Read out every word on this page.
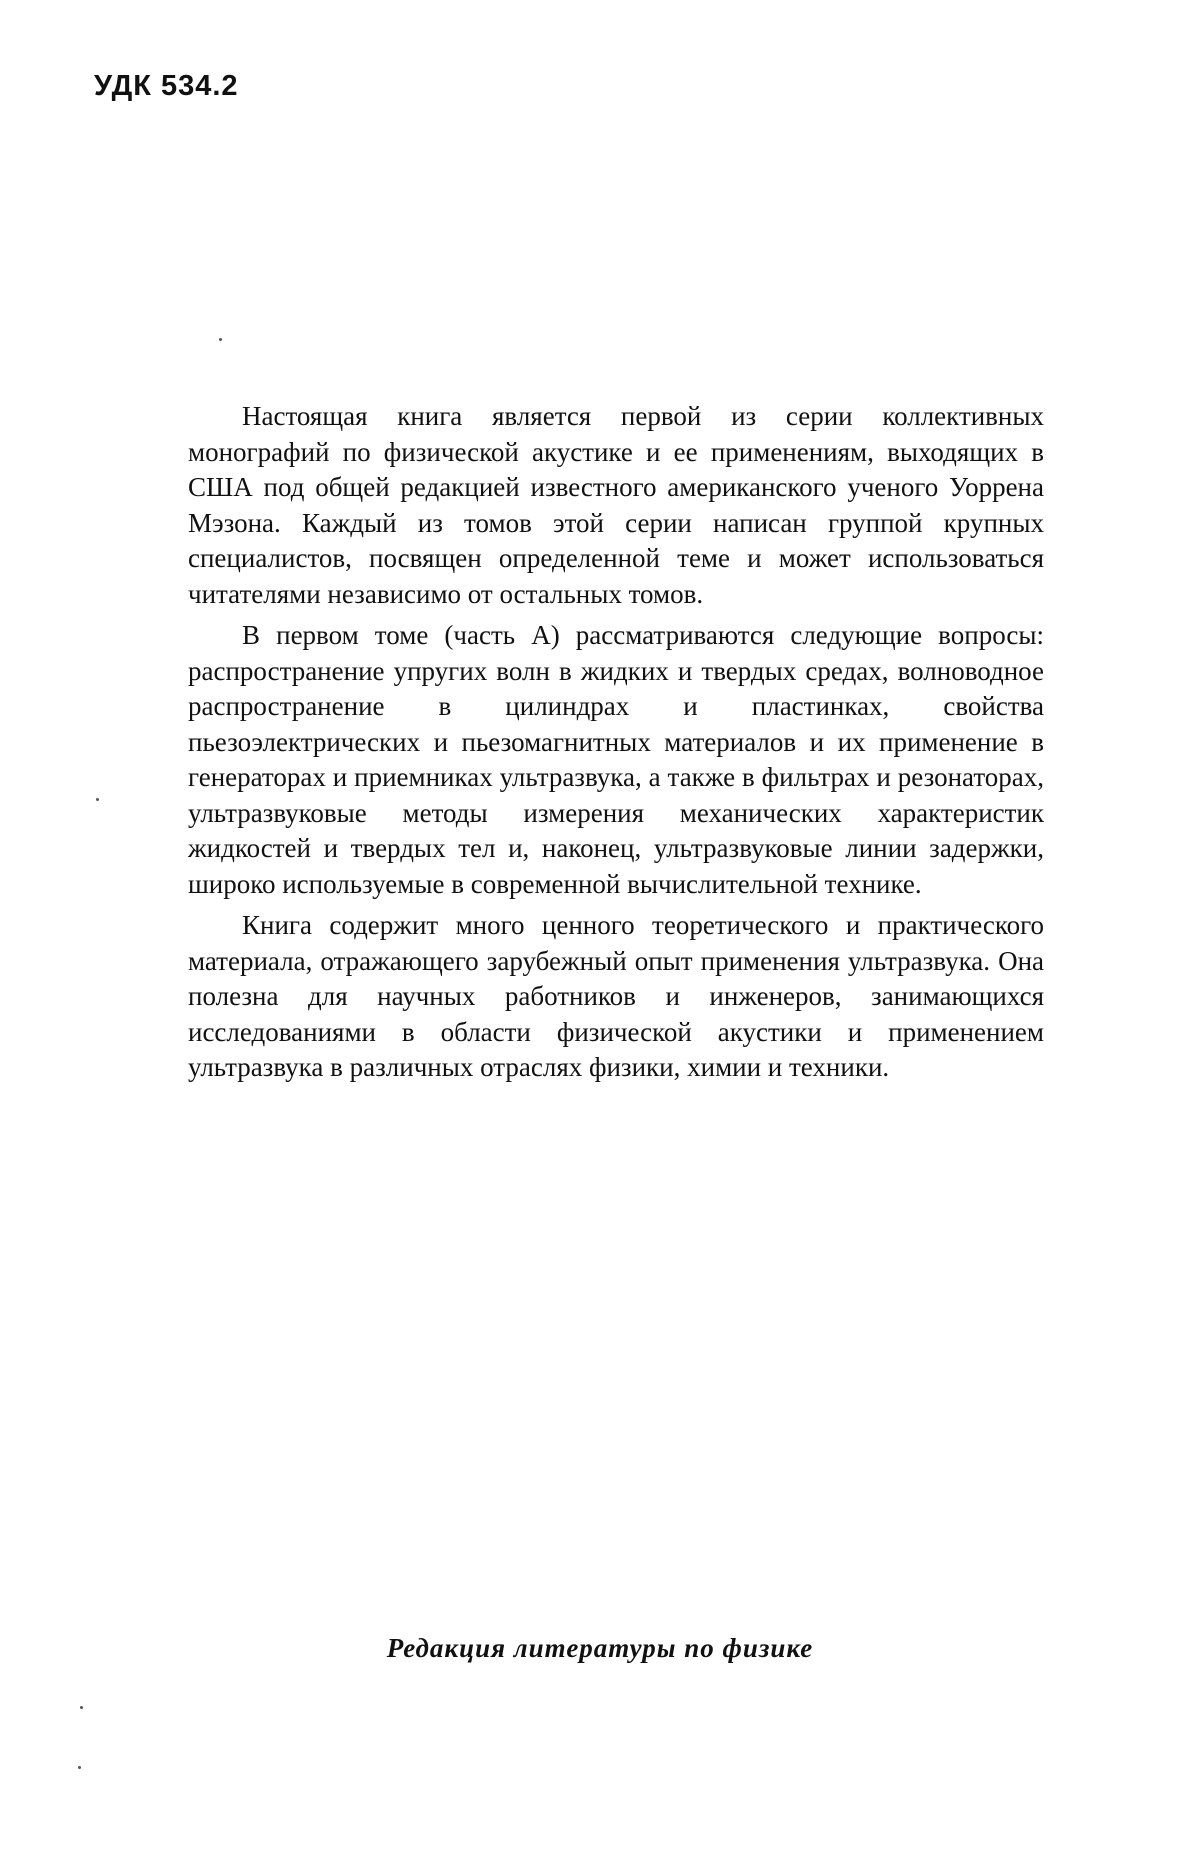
УДК 534.2

Настоящая книга является первой из серии коллективных монографий по физической акустике и ее применениям, выходящих в США под общей редакцией известного американского ученого Уоррена Мэзона. Каждый из томов этой серии написан группой крупных специалистов, посвящен определенной теме и может использоваться читателями независимо от остальных томов.

В первом томе (часть А) рассматриваются следующие вопросы: распространение упругих волн в жидких и твердых средах, волноводное распространение в цилиндрах и пластинках, свойства пьезоэлектрических и пьезомагнитных материалов и их применение в генераторах и приемниках ультразвука, а также в фильтрах и резонаторах, ультразвуковые методы измерения механических характеристик жидкостей и твердых тел и, наконец, ультразвуковые линии задержки, широко используемые в современной вычислительной технике.

Книга содержит много ценного теоретического и практического материала, отражающего зарубежный опыт применения ультразвука. Она полезна для научных работников и инженеров, занимающихся исследованиями в области физической акустики и применением ультразвука в различных отраслях физики, химии и техники.

Редакция литературы по физике
